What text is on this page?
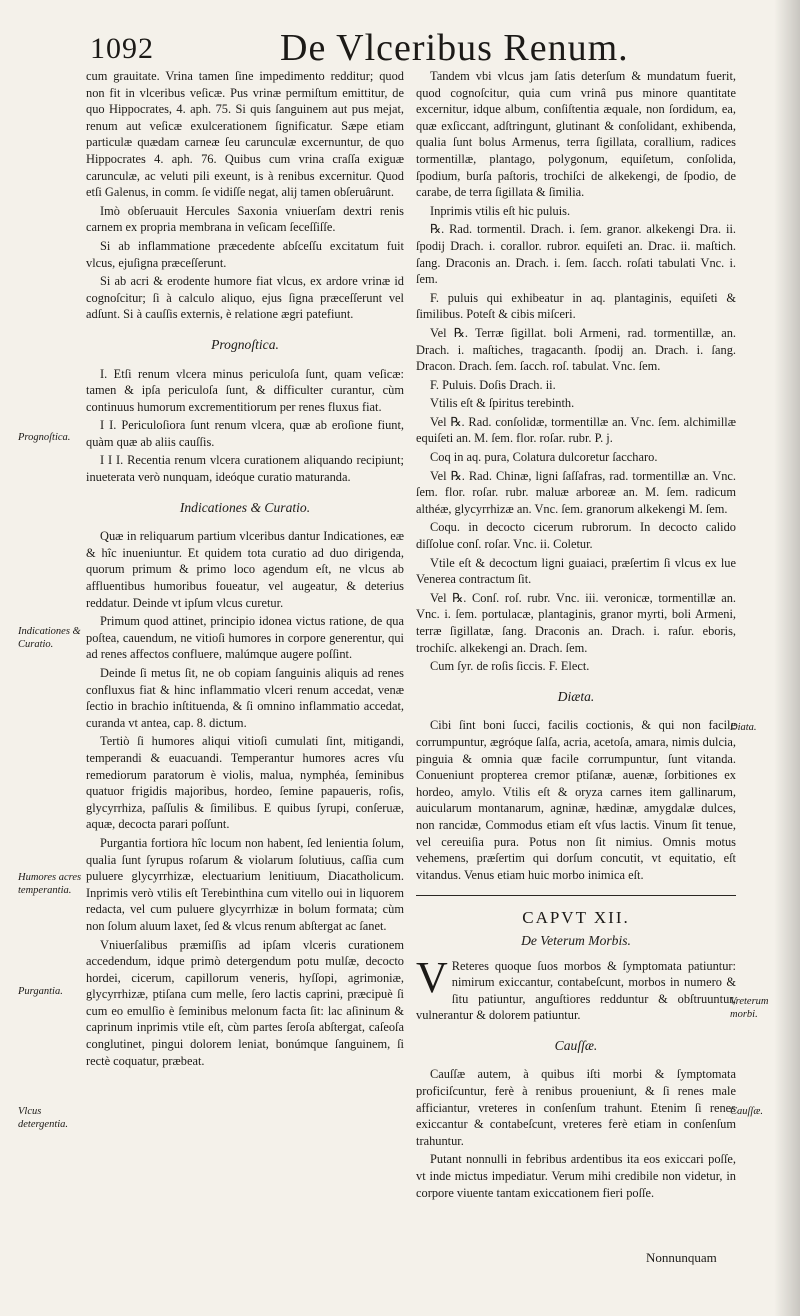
1092	De Vlceribus Renum.

cum grauitate. Vrina tamen ſine impedimento redditur; quod non fit in vlceribus veſicæ. Pus vrinæ permiſtum emittitur, de quo Hippocrates, 4. aph. 75. Si quis ſanguinem aut pus mejat, renum aut veſicæ exulcerationem ſignificatur. Sæpe etiam particulæ quædam carneæ ſeu carunculæ excernuntur, de quo Hippocrates 4. aph. 76. Quibus cum vrina craſſa exiguæ carunculæ, ac veluti pili exeunt, is à renibus excernitur. Quod etſi Galenus, in comm. ſe vidiſſe negat, alij tamen obſeruârunt.

Imò obſeruauit Hercules Saxonia vniuerſam dextri renis carnem ex propria membrana in veſicam ſeceſſiſſe.

Si ab inflammatione præcedente abſceſſu excitatum fuit vlcus, ejuſigna præceſſerunt.

Si ab acri & erodente humore fiat vlcus, ex ardore vrinæ id cognoſcitur; ſi à calculo aliquo, ejus ſigna præceſſerunt vel adſunt. Si à cauſſis externis, è relatione ægri patefiunt.

Prognoſtica.

I. Etſi renum vlcera minus periculoſa ſunt, quam veſicæ: tamen & ipſa periculoſa ſunt, & difficulter curantur, cùm continuus humorum excrementitiorum per renes fluxus fiat.

I I. Periculoſiora ſunt renum vlcera, quæ ab eroſione fiunt, quàm quæ ab aliis cauſſis.

I I I. Recentia renum vlcera curationem aliquando recipiunt; inueterata verò nunquam, ideóque curatio maturanda.

Indicationes & Curatio.

Quæ in reliquarum partium vlceribus dantur Indicationes, eæ & hîc inueniuntur. Et quidem tota curatio ad duo dirigenda, quorum primum & primo loco agendum eſt, ne vlcus ab affluentibus humoribus foueatur, vel augeatur, & deterius reddatur. Deinde vt ipſum vlcus curetur.

Primum quod attinet, principio idonea victus ratione, de qua poſtea, cauendum, ne vitioſi humores in corpore generentur, qui ad renes affectos confluere, malúmque augere poſſint.

Deinde ſi metus ſit, ne ob copiam ſanguinis aliquis ad renes confluxus fiat & hinc inflammatio vlceri renum accedat, venæ ſectio in brachio inſtituenda, & ſi omnino inflammatio accedat, curanda vt antea, cap. 8. dictum.

Tertiò ſi humores aliqui vitioſi cumulati ſint, mitigandi, temperandi & euacuandi. Temperantur humores acres vſu remediorum paratorum è violis, malua, nymphéa, ſeminibus quatuor frigidis majoribus, hordeo, ſemine papaueris, roſis, glycyrrhiza, paſſulis & ſimilibus. E quibus ſyrupi, conſeruæ, aquæ, decocta parari poſſunt.

Purgantia fortiora hîc locum non habent, ſed lenientia ſolum, qualia ſunt ſyrupus roſarum & violarum ſolutiuus, caſſia cum puluere glycyrrhizæ, electuarium lenitiuum, Diacatholicum. Inprimis verò vtilis eſt Terebinthina cum vitello oui in liquorem redacta, vel cum puluere glycyrrhizæ in bolum formata; cùm non ſolum aluum laxet, ſed & vlcus renum abſtergat ac ſanet.

Vniuerſalibus præmiſſis ad ipſam vlceris curationem accedendum, idque primò detergendum potu mulſæ, decocto hordei, cicerum, capillorum veneris, hyſſopi, agrimoniæ, glycyrrhizæ, ptiſana cum melle, ſero lactis caprini, præcipuè ſi cum eo emulſio è ſeminibus melonum facta ſit: lac aſininum & caprinum inprimis vtile eſt, cùm partes ſeroſa abſtergat, caſeoſa conglutinet, pingui dolorem leniat, bonúmque ſanguinem, ſi rectè coquatur, præbeat.

Tandem vbi vlcus jam ſatis deterſum & mundatum fuerit, quod cognoſcitur, quia cum vrinâ pus minore quantitate excernitur, idque album, conſiſtentia æquale, non ſordidum, ea, quæ exſiccant, adſtringunt, glutinant & conſolidant, exhibenda, qualia ſunt bolus Armenus, terra ſigillata, corallium, radices tormentillæ, plantago, polygonum, equiſetum, conſolida, ſpodium, burſa paſtoris, trochiſci de alkekengi, de ſpodio, de carabe, de terra ſigillata & ſimilia.

Inprimis vtilis eſt hic puluis.

℞. Rad. tormentil. Drach. i. ſem. granor. alkekengi Dra. ii. ſpodij Drach. i. corallor. rubror. equiſeti an. Drac. ii. maſtich. ſang. Draconis an. Drach. i. ſem. ſacch. roſati tabulati Vnc. i. ſem.

F. puluis qui exhibeatur in aq. plantaginis, equiſeti & ſimilibus. Poteſt & cibis miſceri.

Vel ℞. Terræ ſigillat. boli Armeni, rad. tormentillæ, an. Drach. i. maſtiches, tragacanth. ſpodij an. Drach. i. ſang. Dracon. Drach. ſem. ſacch. roſ. tabulat. Vnc. ſem.

F. Puluis. Doſis Drach. ii.

Vtilis eſt & ſpiritus terebinth.

Vel ℞. Rad. conſolidæ, tormentillæ an. Vnc. ſem. alchimillæ equiſeti an. M. ſem. flor. roſar. rubr. P. j.

Coq in aq. pura, Colatura dulcoretur ſaccharo.

Vel ℞. Rad. Chinæ, ligni ſaſſafras, rad. tormentillæ an. Vnc. ſem. flor. roſar. rubr. maluæ arboreæ an. M. ſem. radicum althéæ, glycyrrhizæ an. Vnc. ſem. granorum alkekengi M. ſem.

Coqu. in decocto cicerum rubrorum. In decocto calido diſſolue conſ. roſar. Vnc. ii. Coletur.

Vtile eſt & decoctum ligni guaiaci, præſertim ſi vlcus ex lue Venerea contractum ſit.

Vel ℞. Conſ. roſ. rubr. Vnc. iii. veronicæ, tormentillæ an. Vnc. i. ſem. portulacæ, plantaginis, granor myrti, boli Armeni, terræ ſigillatæ, ſang. Draconis an. Drach. i. raſur. eboris, trochiſc. alkekengi an. Drach. ſem.

Cum ſyr. de roſis ſiccis. F. Elect.

Diæta.

Cibi ſint boni ſucci, facilis coctionis, & qui non facile corrumpuntur, ægróque ſalſa, acria, acetoſa, amara, nimis dulcia, pinguia & omnia quæ facile corrumpuntur, ſunt vitanda. Conueniunt propterea cremor ptiſanæ, auenæ, ſorbitiones ex hordeo, amylo. Vtilis eſt & oryza carnes item gallinarum, auicularum montanarum, agninæ, hædinæ, amygdalæ dulces, non rancidæ, Commodus etiam eſt vſus lactis. Vinum ſit tenue, vel cereuiſia pura. Potus non ſit nimius. Omnis motus vehemens, præſertim qui dorſum concutit, vt equitatio, eſt vitandus. Venus etiam huic morbo inimica eſt.

CAPVT XII.
De Veterum Morbis.

V Reteres quoque ſuos morbos & ſymptomata patiuntur: nimirum exiccantur, contabeſcunt, morbos in numero & ſitu patiuntur, anguſtiores redduntur & obſtruuntur, vulnerantur & dolorem patiuntur.

Cauſſæ.

Cauſſæ autem, à quibus iſti morbi & ſymptomata proficiſcuntur, ferè à renibus proueniunt, & ſi renes male afficiantur, vreteres in conſenſum trahunt. Etenim ſi renes exiccantur & contabeſcunt, vreteres ferè etiam in conſenſum trahuntur.

Putant nonnulli in febribus ardentibus ita eos exiccari poſſe, vt inde mictus impediatur. Verum mihi credibile non videtur, in corpore viuente tantam exiccationem fieri poſſe.

Nonnunquam
Prognoſtica.
Indicationes & Curatio.
Humores acres temperantia.
Purgantia.
Vlcus detergentia.
Diata.
Vreterum morbi.
Cauſſæ.
